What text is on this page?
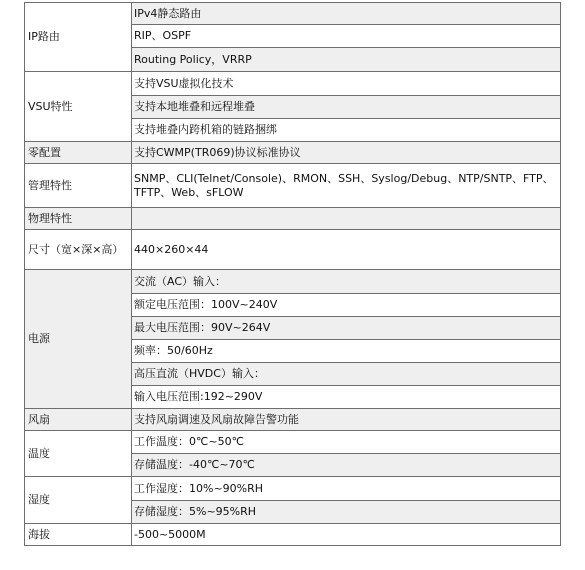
IP路由	IPv4静态路由
	RIP、OSPF
	Routing Policy，VRRP
VSU特性	支持VSU虚拟化技术
	支持本地堆叠和远程堆叠
	支持堆叠内跨机箱的链路捆绑
零配置	支持CWMP(TR069)协议标准协议
管理特性	SNMP、CLI(Telnet/Console)、RMON、SSH、Syslog/Debug、NTP/SNTP、FTP、TFTP、Web、sFLOW
物理特性	
尺寸（宽×深×高）	440×260×44
电源	交流（AC）输入：
	额定电压范围：100V~240V
	最大电压范围：90V~264V
	频率：50/60Hz
	高压直流（HVDC）输入：
	输入电压范围:192~290V
风扇	支持风扇调速及风扇故障告警功能
温度	工作温度：0℃~50℃
	存储温度：-40℃~70℃
湿度	工作湿度：10%~90%RH
	存储湿度：5%~95%RH
海拔	-500~5000M
